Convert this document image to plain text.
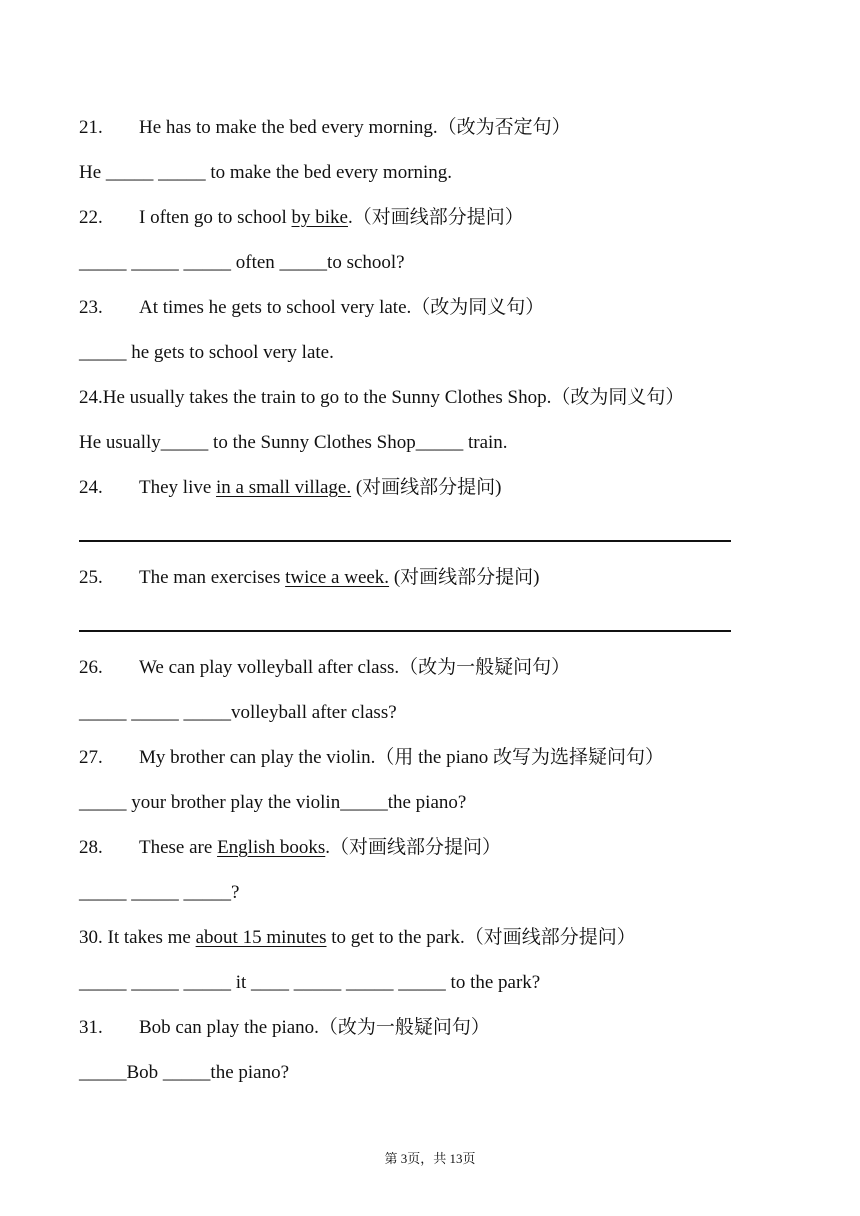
21. He has to make the bed every morning.（改为否定句）
He _____ _____ to make the bed every morning.
22. I often go to school by bike.（对画线部分提问）
_____ _____ _____ often _____to school?
23. At times he gets to school very late.（改为同义句）
_____ he gets to school very late.
24.He usually takes the train to go to the Sunny Clothes Shop.（改为同义句）
He usually_____ to the Sunny Clothes Shop_____ train.
24. They live in a small village. (对画线部分提问)
25. The man exercises twice a week. (对画线部分提问)
26. We can play volleyball after class.（改为一般疑问句）
_____ _____ _____volleyball after class?
27. My brother can play the violin.（用 the piano 改写为选择疑问句）
_____ your brother play the violin_____the piano?
28. These are English books.（对画线部分提问）
_____ _____ _____?
30. It takes me about 15 minutes to get to the park.（对画线部分提问）
_____ _____ _____ it ____ _____ _____ _____ to the park?
31. Bob can play the piano.（改为一般疑问句）
_____Bob _____the piano?
第 3页，共 13页
